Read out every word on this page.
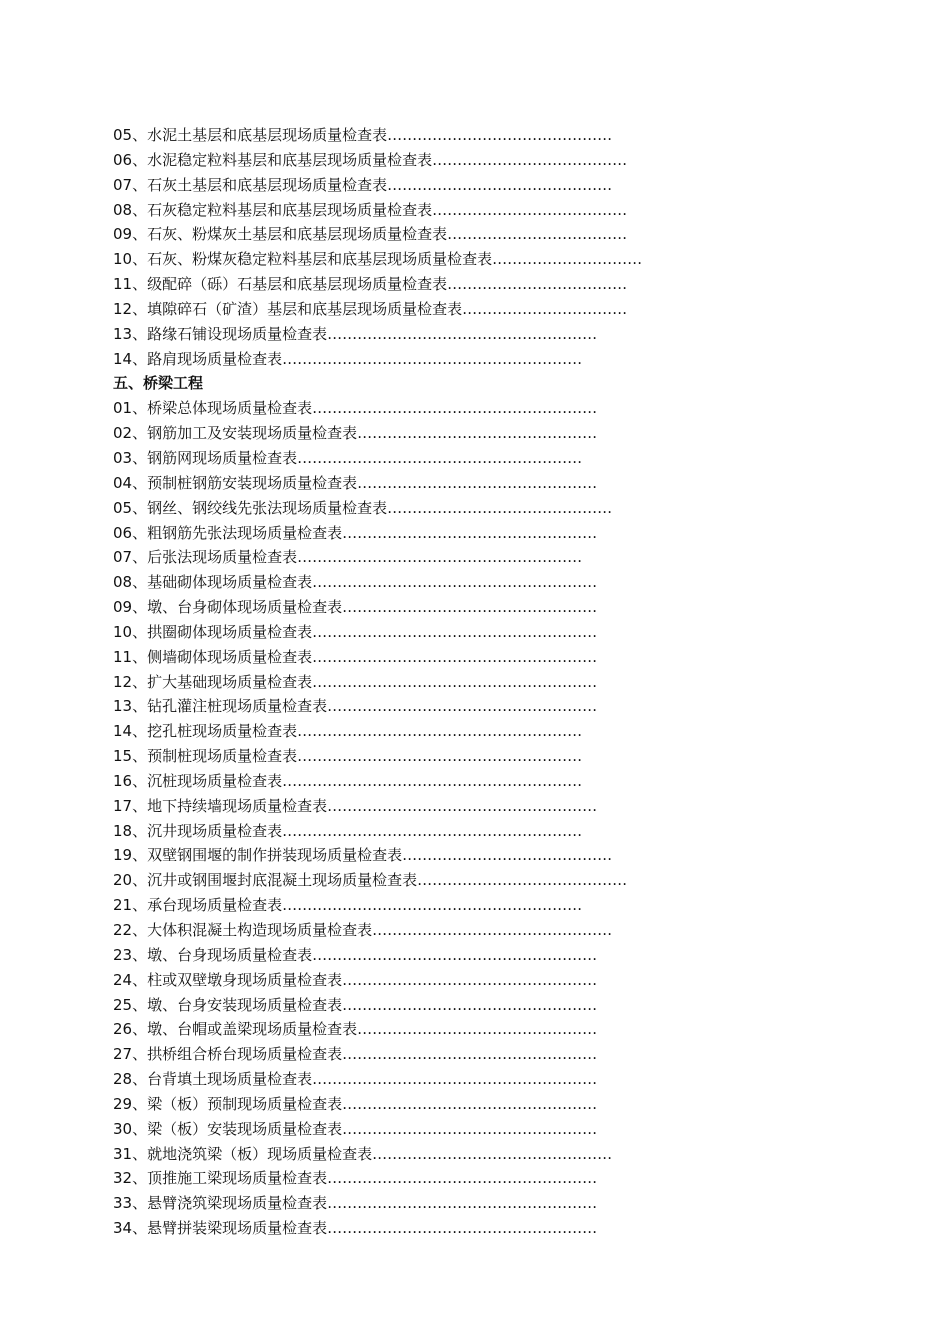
05、水泥土基层和底基层现场质量检查表………………………………………
06、水泥稳定粒料基层和底基层现场质量检查表…………………………………
07、石灰土基层和底基层现场质量检查表………………………………………
08、石灰稳定粒料基层和底基层现场质量检查表…………………………………
09、石灰、粉煤灰土基层和底基层现场质量检查表………………………………
10、石灰、粉煤灰稳定粒料基层和底基层现场质量检查表…………………………
11、级配碎（砾）石基层和底基层现场质量检查表………………………………
12、填隙碎石（矿渣）基层和底基层现场质量检查表……………………………
13、路缘石铺设现场质量检查表………………………………………………
14、路肩现场质量检查表……………………………………………………
五、桥梁工程
01、桥梁总体现场质量检查表…………………………………………………
02、钢筋加工及安装现场质量检查表…………………………………………
03、钢筋网现场质量检查表…………………………………………………
04、预制桩钢筋安装现场质量检查表…………………………………………
05、钢丝、钢绞线先张法现场质量检查表………………………………………
06、粗钢筋先张法现场质量检查表……………………………………………
07、后张法现场质量检查表…………………………………………………
08、基础砌体现场质量检查表…………………………………………………
09、墩、台身砌体现场质量检查表……………………………………………
10、拱圈砌体现场质量检查表…………………………………………………
11、侧墙砌体现场质量检查表…………………………………………………
12、扩大基础现场质量检查表…………………………………………………
13、钻孔灌注桩现场质量检查表………………………………………………
14、挖孔桩现场质量检查表…………………………………………………
15、预制桩现场质量检查表…………………………………………………
16、沉桩现场质量检查表……………………………………………………
17、地下持续墙现场质量检查表………………………………………………
18、沉井现场质量检查表……………………………………………………
19、双壁钢围堰的制作拼装现场质量检查表……………………………………
20、沉井或钢围堰封底混凝土现场质量检查表……………………………………
21、承台现场质量检查表……………………………………………………
22、大体积混凝土构造现场质量检查表…………………………………………
23、墩、台身现场质量检查表…………………………………………………
24、柱或双壁墩身现场质量检查表……………………………………………
25、墩、台身安装现场质量检查表……………………………………………
26、墩、台帽或盖梁现场质量检查表…………………………………………
27、拱桥组合桥台现场质量检查表……………………………………………
28、台背填土现场质量检查表…………………………………………………
29、梁（板）预制现场质量检查表……………………………………………
30、梁（板）安装现场质量检查表……………………………………………
31、就地浇筑梁（板）现场质量检查表…………………………………………
32、顶推施工梁现场质量检查表………………………………………………
33、悬臂浇筑梁现场质量检查表………………………………………………
34、悬臂拼装梁现场质量检查表………………………………………………
